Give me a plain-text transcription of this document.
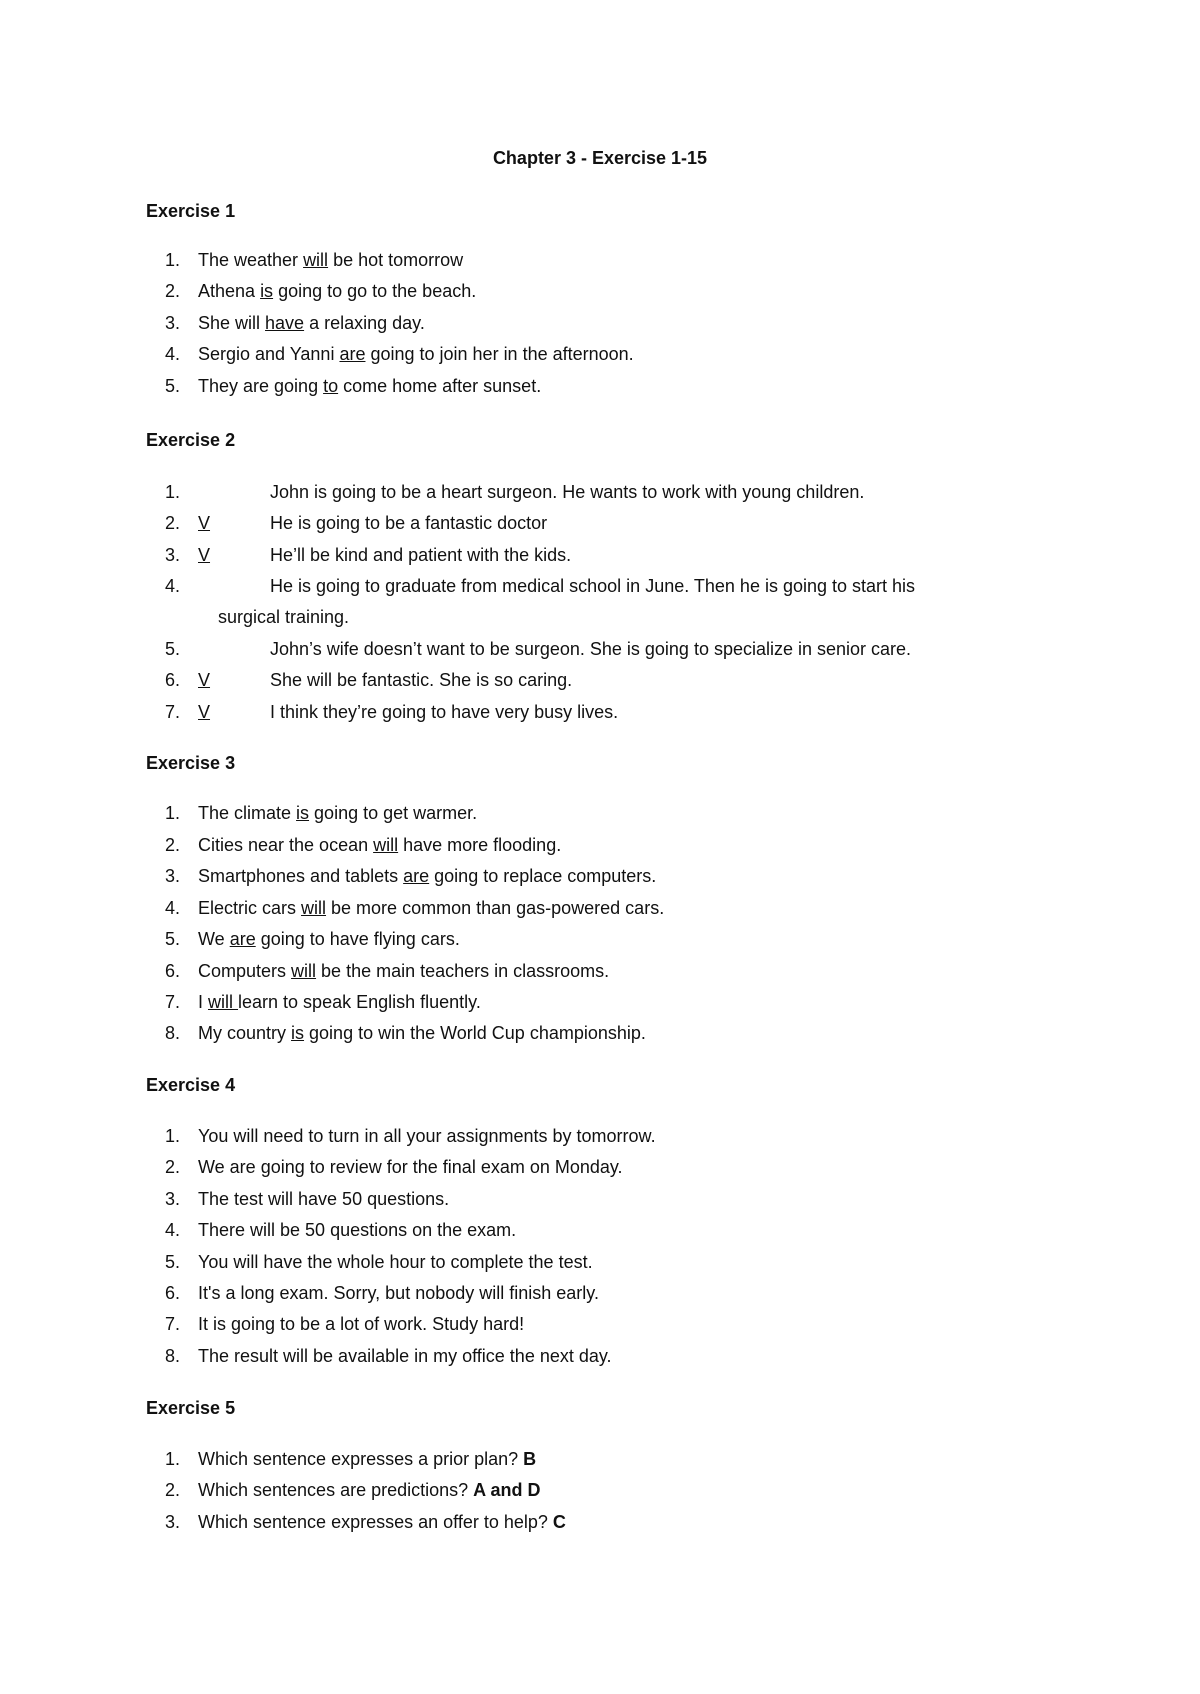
Chapter 3 - Exercise 1-15
Exercise 1
1. The weather will be hot tomorrow
2. Athena is going to go to the beach.
3. She will have a relaxing day.
4. Sergio and Yanni are going to join her in the afternoon.
5. They are going to come home after sunset.
Exercise 2
1.	John is going to be a heart surgeon. He wants to work with young children.
2. V	He is going to be a fantastic doctor
3. V	He’ll be kind and patient with the kids.
4.	He is going to graduate from medical school in June. Then he is going to start his
surgical training.
5.	John’s wife doesn’t want to be surgeon. She is going to specialize in senior care.
6. V	She will be fantastic. She is so caring.
7. V	I think they’re going to have very busy lives.
Exercise 3
1. The climate is going to get warmer.
2. Cities near the ocean will have more flooding.
3. Smartphones and tablets are going to replace computers.
4. Electric cars will be more common than gas-powered cars.
5. We are going to have flying cars.
6. Computers will be the main teachers in classrooms.
7. I will learn to speak English fluently.
8. My country is going to win the World Cup championship.
Exercise 4
1. You will need to turn in all your assignments by tomorrow.
2. We are going to review for the final exam on Monday.
3. The test will have 50 questions.
4. There will be 50 questions on the exam.
5. You will have the whole hour to complete the test.
6. It's a long exam. Sorry, but nobody will finish early.
7. It is going to be a lot of work. Study hard!
8. The result will be available in my office the next day.
Exercise 5
1. Which sentence expresses a prior plan? B
2. Which sentences are predictions? A and D
3. Which sentence expresses an offer to help? C
